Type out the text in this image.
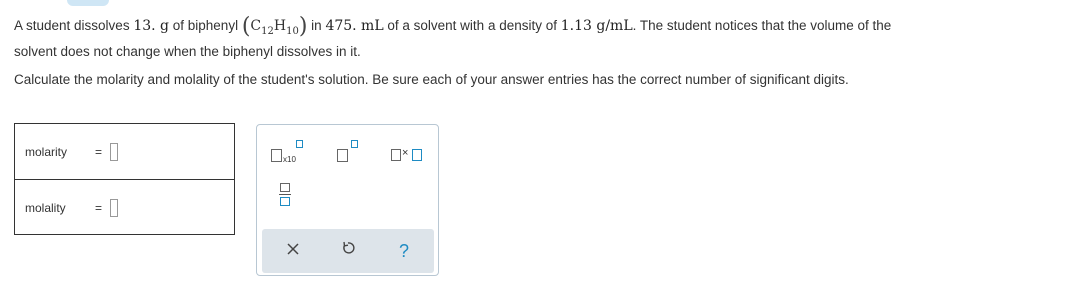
A student dissolves 13. g of biphenyl $(C_{12}H_{10})$ in 475. mL of a solvent with a density of 1.13 g/mL. The student notices that the volume of the
solvent does not change when the biphenyl dissolves in it.

Calculate the molarity and molality of the student's solution. Be sure each of your answer entries has the correct number of significant digits.

molarity	=
molality	=
x10
×
?
